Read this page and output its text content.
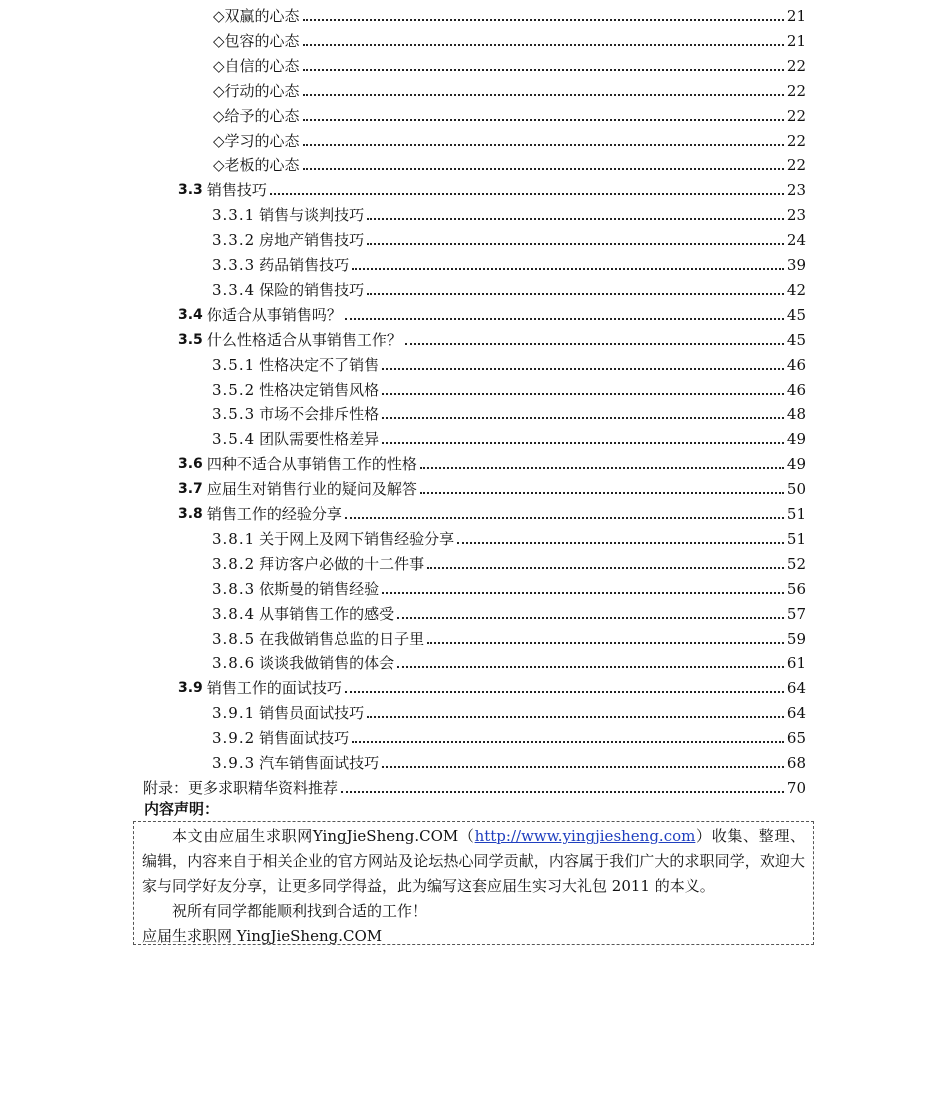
◇双赢的心态	21
◇包容的心态	21
◇自信的心态	22
◇行动的心态	22
◇给予的心态	22
◇学习的心态	22
◇老板的心态	22
3.3 销售技巧	23
3.3.1 销售与谈判技巧	23
3.3.2 房地产销售技巧	24
3.3.3 药品销售技巧	39
3.3.4 保险的销售技巧	42
3.4 你适合从事销售吗？	45
3.5 什么性格适合从事销售工作？	45
3.5.1 性格决定不了销售	46
3.5.2 性格决定销售风格	46
3.5.3 市场不会排斥性格	48
3.5.4 团队需要性格差异	49
3.6 四种不适合从事销售工作的性格	49
3.7 应届生对销售行业的疑问及解答	50
3.8 销售工作的经验分享	51
3.8.1 关于网上及网下销售经验分享	51
3.8.2 拜访客户必做的十二件事	52
3.8.3 依斯曼的销售经验	56
3.8.4 从事销售工作的感受	57
3.8.5 在我做销售总监的日子里	59
3.8.6 谈谈我做销售的体会	61
3.9 销售工作的面试技巧	64
3.9.1 销售员面试技巧	64
3.9.2 销售面试技巧	65
3.9.3 汽车销售面试技巧	68
附录：更多求职精华资料推荐	70
内容声明：

本文由应届生求职网YingJieSheng.COM（http://www.yingjiesheng.com）收集、整理、编辑，内容来自于相关企业的官方网站及论坛热心同学贡献，内容属于我们广大的求职同学，欢迎大家与同学好友分享，让更多同学得益，此为编写这套应届生实习大礼包 2011 的本义。

祝所有同学都能顺利找到合适的工作！

应届生求职网 YingJieSheng.COM
